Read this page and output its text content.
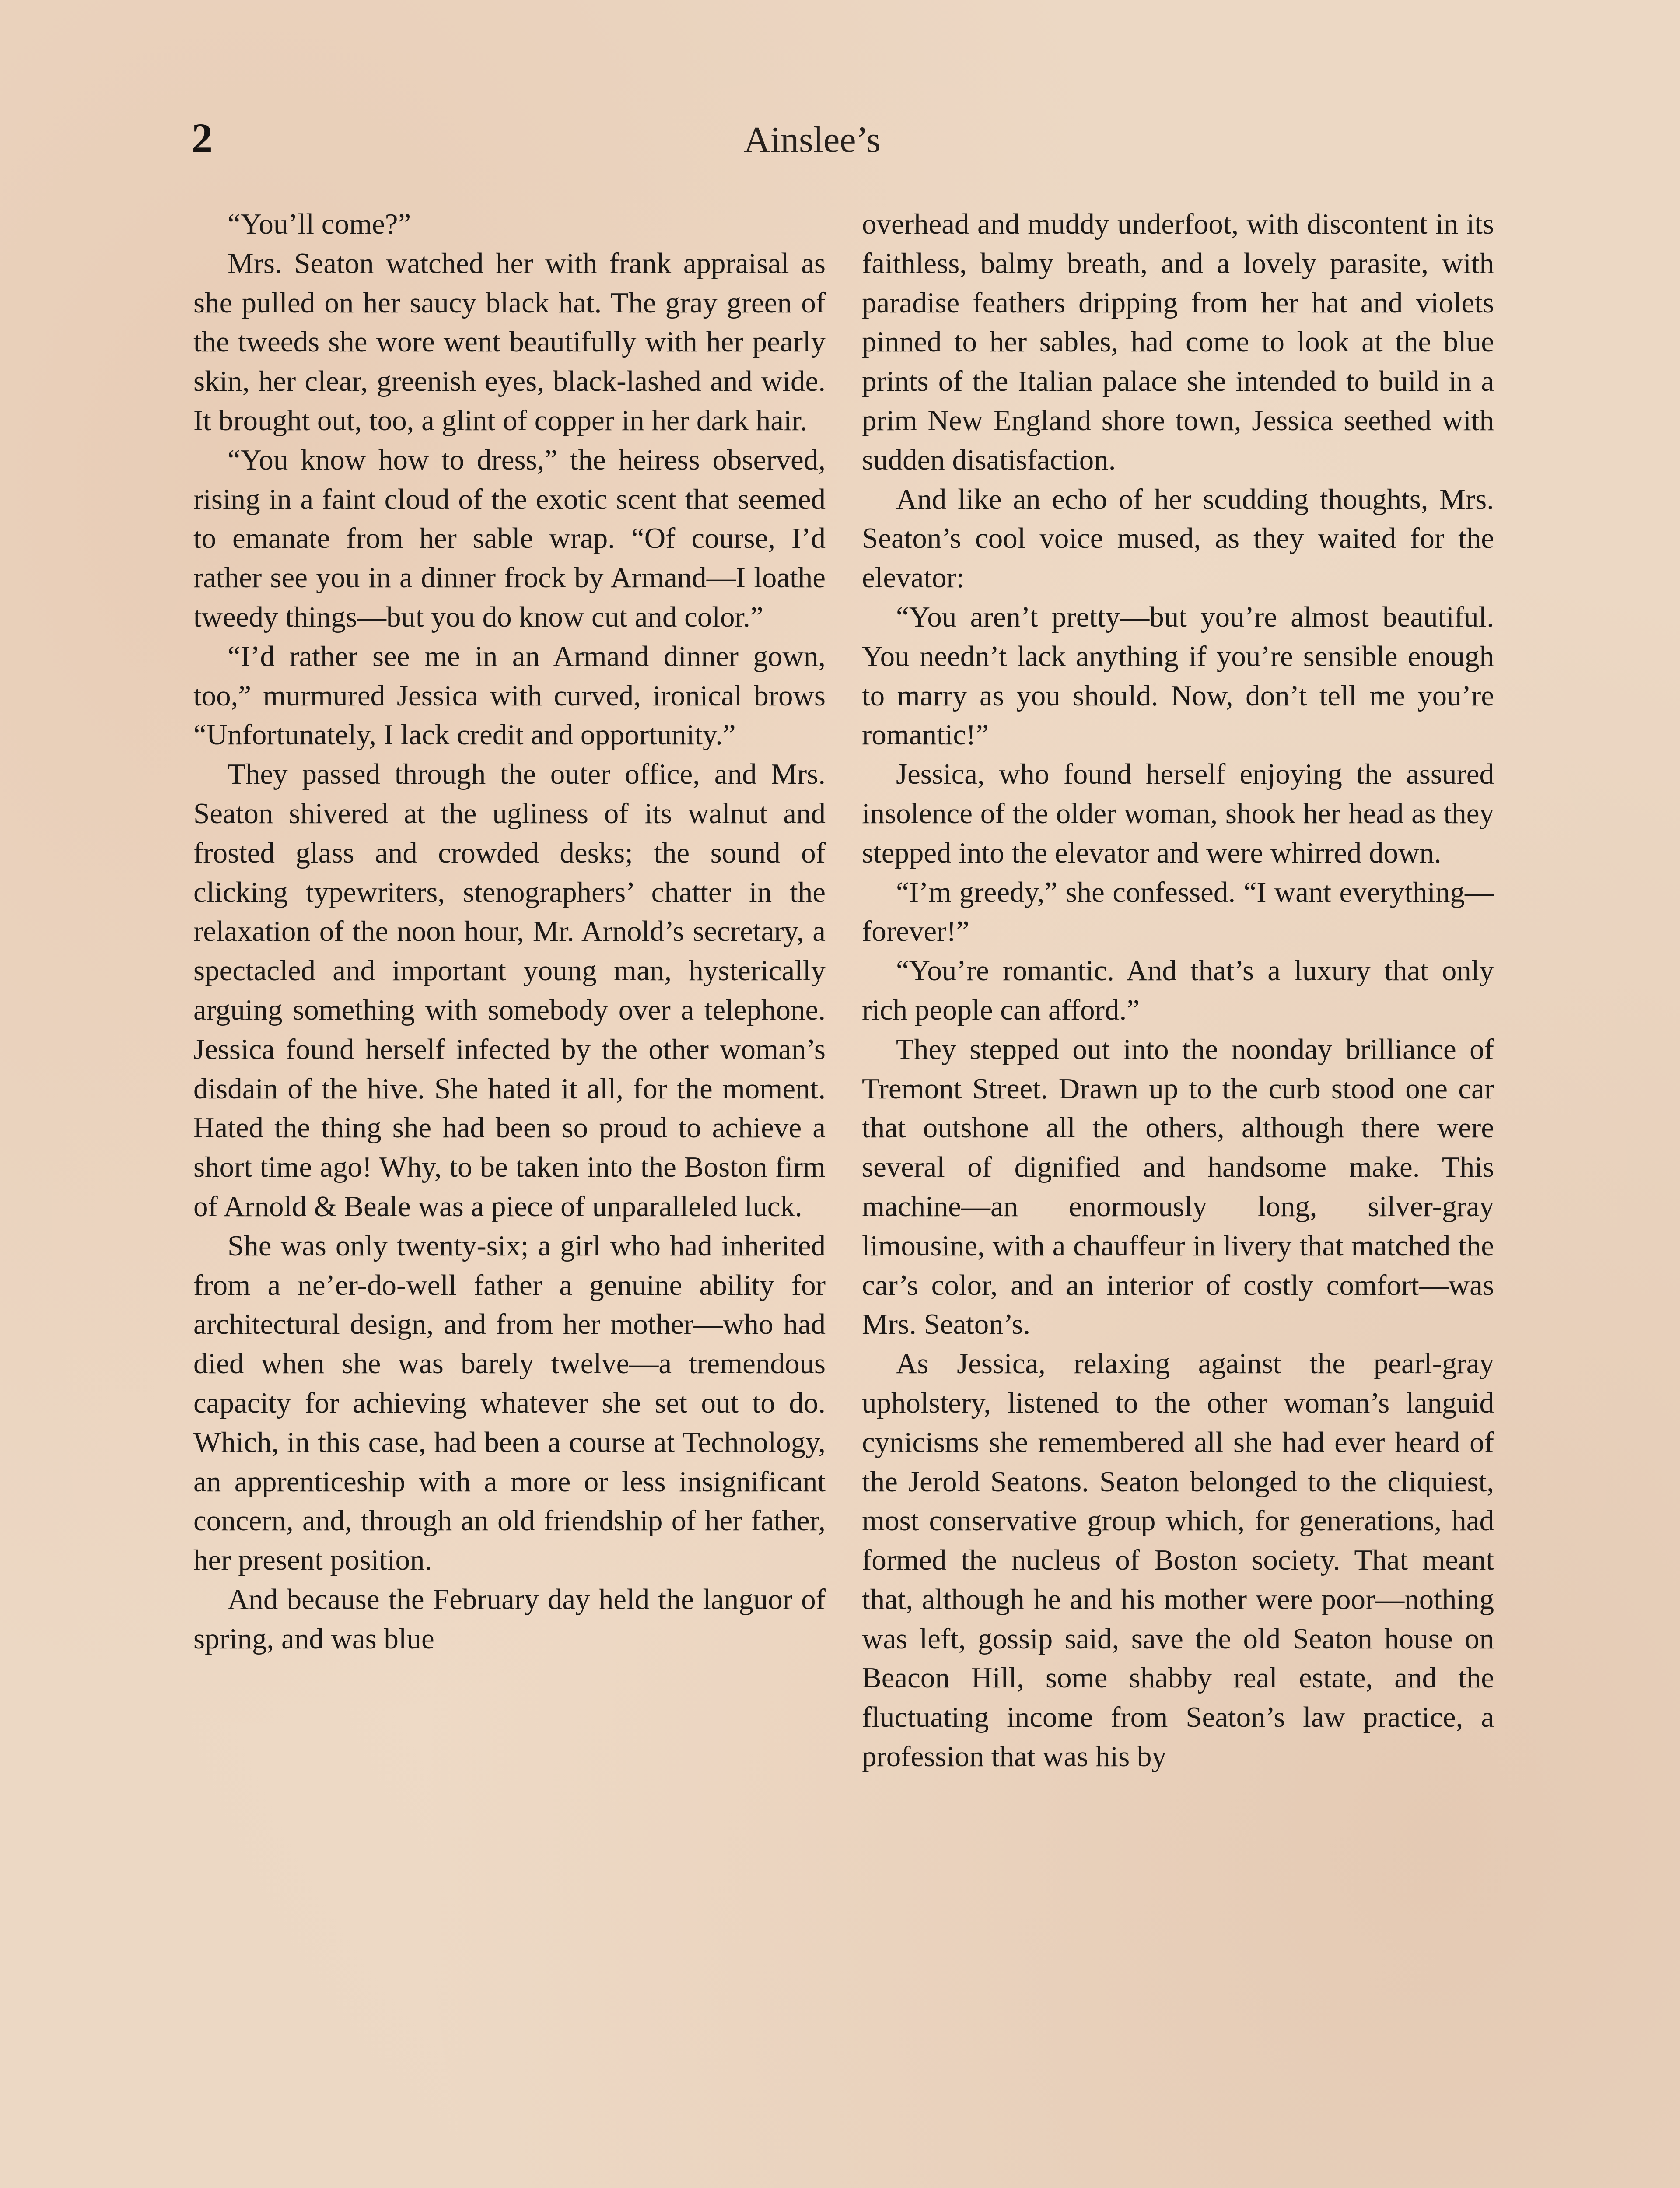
2	Ainslee’s

“You’ll come?”

Mrs. Seaton watched her with frank appraisal as she pulled on her saucy black hat. The gray green of the tweeds she wore went beautifully with her pearly skin, her clear, greenish eyes, black-lashed and wide. It brought out, too, a glint of copper in her dark hair.

“You know how to dress,” the heiress observed, rising in a faint cloud of the exotic scent that seemed to emanate from her sable wrap. “Of course, I’d rather see you in a dinner frock by Armand—I loathe tweedy things—but you do know cut and color.”

“I’d rather see me in an Armand dinner gown, too,” murmured Jessica with curved, ironical brows “Unfortunately, I lack credit and opportunity.”

They passed through the outer office, and Mrs. Seaton shivered at the ugliness of its walnut and frosted glass and crowded desks; the sound of clicking typewriters, stenographers’ chatter in the relaxation of the noon hour, Mr. Arnold’s secretary, a spectacled and important young man, hysterically arguing something with somebody over a telephone. Jessica found herself infected by the other woman’s disdain of the hive. She hated it all, for the moment. Hated the thing she had been so proud to achieve a short time ago! Why, to be taken into the Boston firm of Arnold & Beale was a piece of unparalleled luck.

She was only twenty-six; a girl who had inherited from a ne’er-do-well father a genuine ability for architectural design, and from her mother—who had died when she was barely twelve—a tremendous capacity for achieving whatever she set out to do. Which, in this case, had been a course at Technology, an apprenticeship with a more or less insignificant concern, and, through an old friendship of her father, her present position.

And because the February day held the languor of spring, and was blue

overhead and muddy underfoot, with discontent in its faithless, balmy breath, and a lovely parasite, with paradise feathers dripping from her hat and violets pinned to her sables, had come to look at the blue prints of the Italian palace she intended to build in a prim New England shore town, Jessica seethed with sudden disatisfaction.

And like an echo of her scudding thoughts, Mrs. Seaton’s cool voice mused, as they waited for the elevator:

“You aren’t pretty—but you’re almost beautiful. You needn’t lack anything if you’re sensible enough to marry as you should. Now, don’t tell me you’re romantic!”

Jessica, who found herself enjoying the assured insolence of the older woman, shook her head as they stepped into the elevator and were whirred down.

“I’m greedy,” she confessed. “I want everything—forever!”

“You’re romantic. And that’s a luxury that only rich people can afford.”

They stepped out into the noonday brilliance of Tremont Street. Drawn up to the curb stood one car that outshone all the others, although there were several of dignified and handsome make. This machine—an enormously long, silver-gray limousine, with a chauffeur in livery that matched the car’s color, and an interior of costly comfort—was Mrs. Seaton’s.

As Jessica, relaxing against the pearl-gray upholstery, listened to the other woman’s languid cynicisms she remembered all she had ever heard of the Jerold Seatons. Seaton belonged to the cliquiest, most conservative group which, for generations, had formed the nucleus of Boston society. That meant that, although he and his mother were poor—nothing was left, gossip said, save the old Seaton house on Beacon Hill, some shabby real estate, and the fluctuating income from Seaton’s law practice, a profession that was his by
